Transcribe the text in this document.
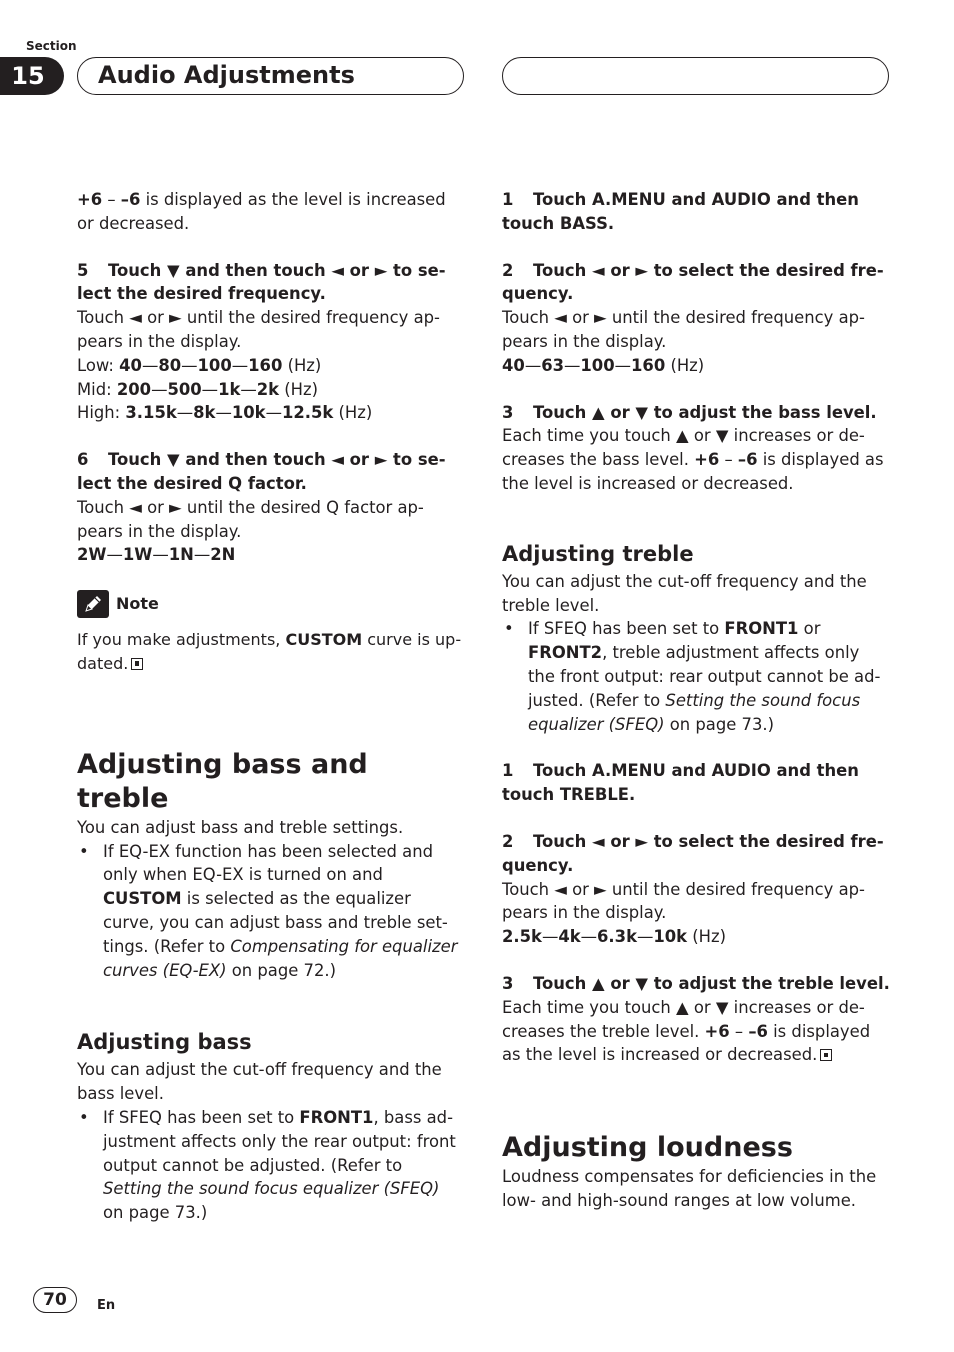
Section
15	Audio Adjustments

+6 – –6 is displayed as the level is increased or decreased.

5 Touch ▼ and then touch ◄ or ► to se-lect the desired frequency.

Touch ◄ or ► until the desired frequency ap-pears in the display.

Low: 40—80—100—160 (Hz)

Mid: 200—500—1k—2k (Hz)

High: 3.15k—8k—10k—12.5k (Hz)

6 Touch ▼ and then touch ◄ or ► to se-lect the desired Q factor.

Touch ◄ or ► until the desired Q factor ap-pears in the display.

2W—1W—1N—2N

Note

If you make adjustments, CUSTOM curve is up-dated.

Adjusting bass and treble

You can adjust bass and treble settings.

• If EQ-EX function has been selected and only when EQ-EX is turned on and CUSTOM is selected as the equalizer curve, you can adjust bass and treble set-tings. (Refer to Compensating for equalizer curves (EQ-EX) on page 72.)

Adjusting bass

You can adjust the cut-off frequency and the bass level.

• If SFEQ has been set to FRONT1, bass ad-justment affects only the rear output: front output cannot be adjusted. (Refer to Setting the sound focus equalizer (SFEQ) on page 73.)

1 Touch A.MENU and AUDIO and then touch BASS.

2 Touch ◄ or ► to select the desired fre-quency.

Touch ◄ or ► until the desired frequency ap-pears in the display.

40—63—100—160 (Hz)

3 Touch ▲ or ▼ to adjust the bass level.

Each time you touch ▲ or ▼ increases or de-creases the bass level. +6 – –6 is displayed as the level is increased or decreased.

Adjusting treble

You can adjust the cut-off frequency and the treble level.

• If SFEQ has been set to FRONT1 or FRONT2, treble adjustment affects only the front output: rear output cannot be ad-justed. (Refer to Setting the sound focus equalizer (SFEQ) on page 73.)

1 Touch A.MENU and AUDIO and then touch TREBLE.

2 Touch ◄ or ► to select the desired fre-quency.

Touch ◄ or ► until the desired frequency ap-pears in the display.

2.5k—4k—6.3k—10k (Hz)

3 Touch ▲ or ▼ to adjust the treble level.

Each time you touch ▲ or ▼ increases or de-creases the treble level. +6 – –6 is displayed as the level is increased or decreased.

Adjusting loudness

Loudness compensates for deficiencies in the low- and high-sound ranges at low volume.

70	En
